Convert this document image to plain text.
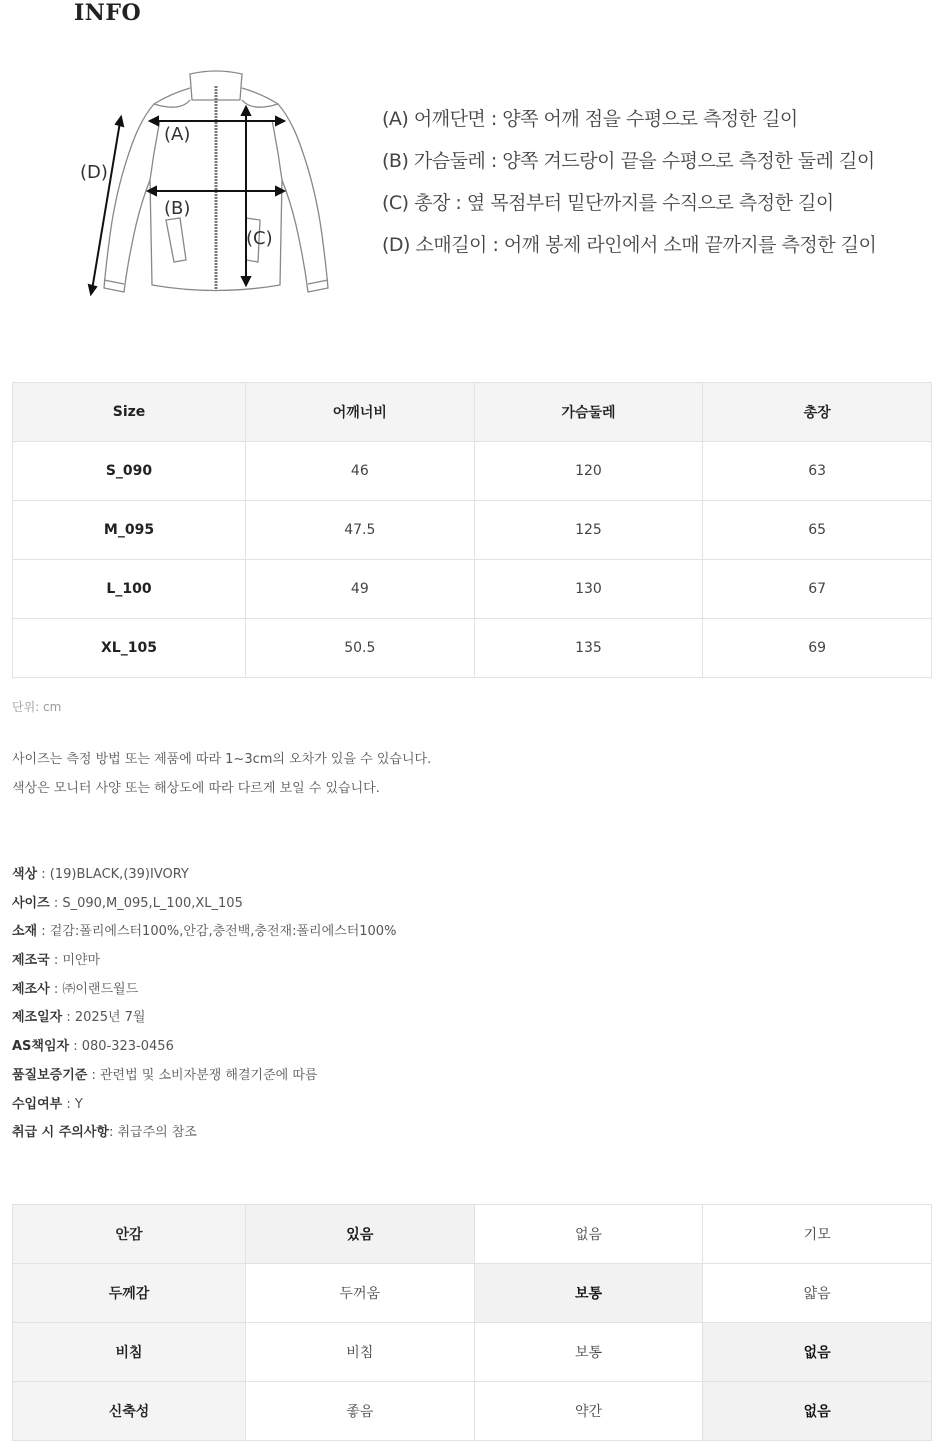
INFO
(A)
(B)
(C)
(D)
(A) 어깨단면 : 양쪽 어깨 점을 수평으로 측정한 길이
(B) 가슴둘레 : 양쪽 겨드랑이 끝을 수평으로 측정한 둘레 길이
(C) 총장 : 옆 목점부터 밑단까지를 수직으로 측정한 길이
(D) 소매길이 : 어깨 봉제 라인에서 소매 끝까지를 측정한 길이
Size	어깨너비	가슴둘레	총장
S_090	46	120	63
M_095	47.5	125	65
L_100	49	130	67
XL_105	50.5	135	69
단위: cm
사이즈는 측정 방법 또는 제품에 따라 1~3cm의 오차가 있을 수 있습니다.
색상은 모니터 사양 또는 해상도에 따라 다르게 보일 수 있습니다.
색상 : (19)BLACK,(39)IVORY
사이즈 : S_090,M_095,L_100,XL_105
소재 : 겉감:폴리에스터100%,안감,충전백,충전재:폴리에스터100%
제조국 : 미얀마
제조사 : ㈜이랜드월드
제조일자 : 2025년 7월
AS책임자 : 080-323-0456
품질보증기준 : 관련법 및 소비자분쟁 해결기준에 따름
수입여부 : Y
취급 시 주의사항: 취급주의 참조
안감	있음	없음	기모
두께감	두꺼움	보통	얇음
비침	비침	보통	없음
신축성	좋음	약간	없음
